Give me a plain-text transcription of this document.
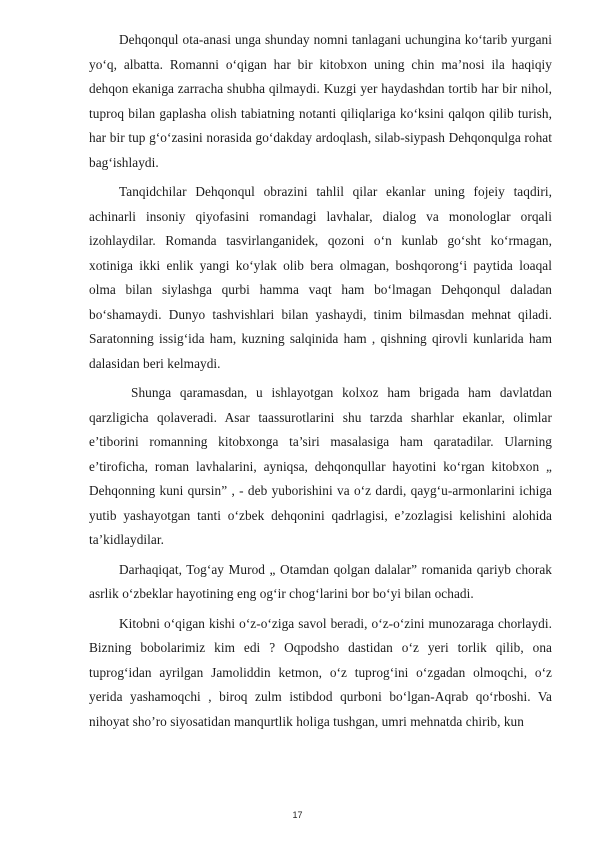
Dehqonqul ota-anasi unga shunday nomni tanlagani uchungina ko‘tarib yurgani yo‘q, albatta. Romanni o‘qigan har bir kitobxon uning chin ma’nosi ila haqiqiy dehqon ekaniga zarracha shubha qilmaydi. Kuzgi yer haydashdan tortib har bir nihol, tuproq bilan gaplasha olish tabiatning notanti qiliqlariga ko‘ksini qalqon qilib turish, har bir tup g‘o‘zasini norasida go‘dakday ardoqlash, silab-siypash Dehqonqulga rohat bag‘ishlaydi.

Tanqidchilar Dehqonqul obrazini tahlil qilar ekanlar uning fojeiy taqdiri, achinarli insoniy qiyofasini romandagi lavhalar, dialog va monologlar orqali izohlaydilar. Romanda tasvirlanganidek, qozoni o‘n kunlab go‘sht ko‘rmagan, xotiniga ikki enlik yangi ko‘ylak olib bera olmagan, boshqorong‘i paytida loaqal olma bilan siylashga qurbi hamma vaqt ham bo‘lmagan Dehqonqul daladan bo‘shamaydi. Dunyo tashvishlari bilan yashaydi, tinim bilmasdan mehnat qiladi. Saratonning issig‘ida ham, kuzning salqinida ham , qishning qirovli kunlarida ham dalasidan beri kelmaydi.

Shunga qaramasdan, u ishlayotgan kolxoz ham brigada ham davlatdan qarzligicha qolaveradi. Asar taassurotlarini shu tarzda sharhlar ekanlar, olimlar e’tiborini romanning kitobxonga ta’siri masalasiga ham qaratadilar. Ularning e’tiroficha, roman lavhalarini, ayniqsa, dehqonqullar hayotini ko‘rgan kitobxon „ Dehqonning kuni qursin” , - deb yuborishini va o‘z dardi, qayg‘u-armonlarini ichiga yutib yashayotgan tanti o‘zbek dehqonini qadrlagisi, e’zozlagisi kelishini alohida ta’kidlaydilar.

Darhaqiqat, Tog‘ay Murod „ Otamdan qolgan dalalar” romanida qariyb chorak asrlik o‘zbeklar hayotining eng og‘ir chog‘larini bor bo‘yi bilan ochadi.

Kitobni o‘qigan kishi o‘z-o‘ziga savol beradi, o‘z-o‘zini munozaraga chorlaydi. Bizning bobolarimiz kim edi ? Oqpodsho dastidan o‘z yeri torlik qilib, ona tuprog‘idan ayrilgan Jamoliddin ketmon, o‘z tuprog‘ini o‘zgadan olmoqchi, o‘z yerida yashamoqchi , biroq zulm istibdod qurboni bo‘lgan-Aqrab qo‘rboshi. Va nihoyat sho’ro siyosatidan manqurtlik holiga tushgan, umri mehnatda chirib, kun

17
